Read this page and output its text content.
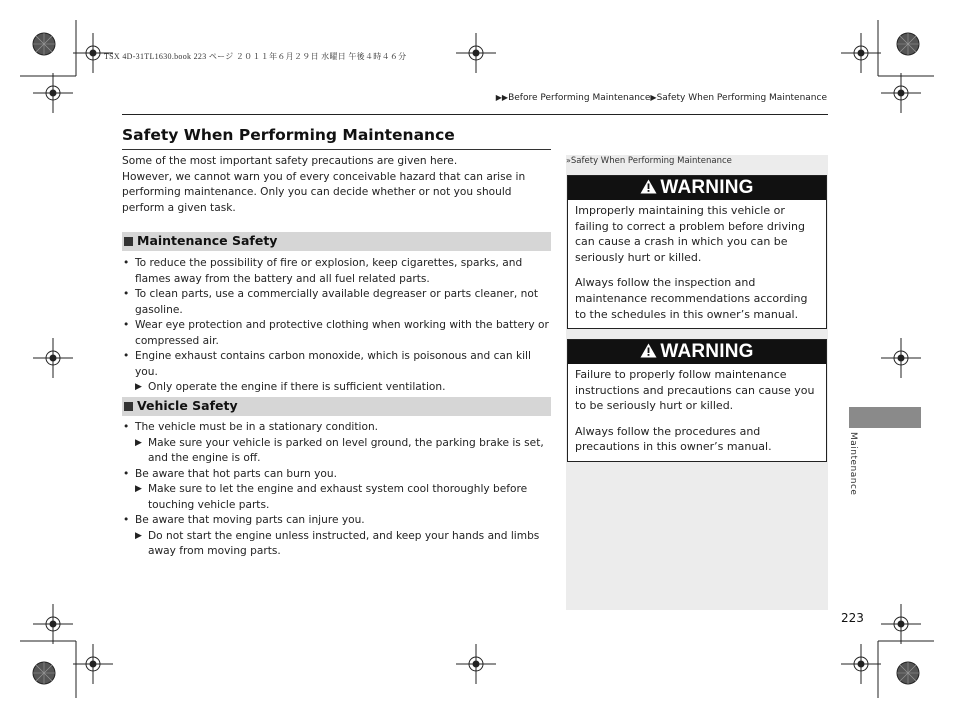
TSX 4D-31TL1630.book 223 ページ ２０１１年６月２９日 水曜日 午後４時４６分
▶▶Before Performing Maintenance▶Safety When Performing Maintenance
Safety When Performing Maintenance
Some of the most important safety precautions are given here.
However, we cannot warn you of every conceivable hazard that can arise in performing maintenance. Only you can decide whether or not you should perform a given task.
Maintenance Safety
• To reduce the possibility of fire or explosion, keep cigarettes, sparks, and flames away from the battery and all fuel related parts.
• To clean parts, use a commercially available degreaser or parts cleaner, not gasoline.
• Wear eye protection and protective clothing when working with the battery or compressed air.
• Engine exhaust contains carbon monoxide, which is poisonous and can kill you.
▶ Only operate the engine if there is sufficient ventilation.
Vehicle Safety
• The vehicle must be in a stationary condition.
▶ Make sure your vehicle is parked on level ground, the parking brake is set, and the engine is off.
• Be aware that hot parts can burn you.
▶ Make sure to let the engine and exhaust system cool thoroughly before touching vehicle parts.
• Be aware that moving parts can injure you.
▶ Do not start the engine unless instructed, and keep your hands and limbs away from moving parts.
»Safety When Performing Maintenance
WARNING

Improperly maintaining this vehicle or failing to correct a problem before driving can cause a crash in which you can be seriously hurt or killed.

Always follow the inspection and maintenance recommendations according to the schedules in this owner’s manual.

WARNING

Failure to properly follow maintenance instructions and precautions can cause you to be seriously hurt or killed.

Always follow the procedures and precautions in this owner’s manual.	Maintenance
223
